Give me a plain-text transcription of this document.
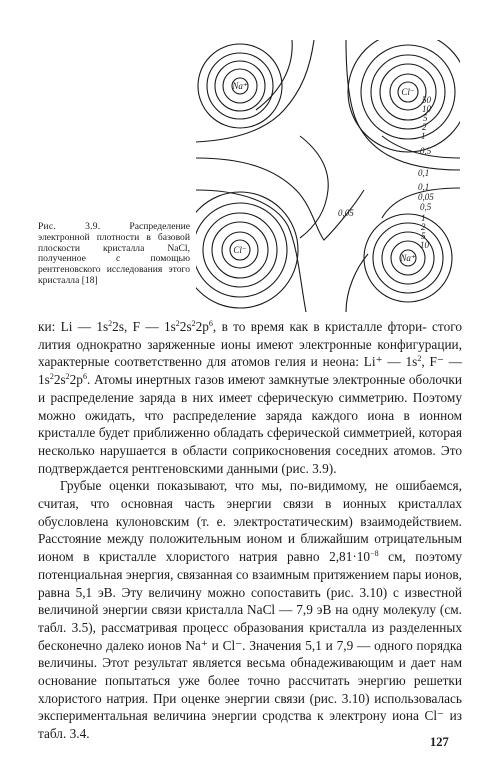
Na⁺
Cl⁻
Cl⁻
Na⁺
50
10
5
2
1
0,5
0,1
0,1
0,05
0,5
1
2
5
10
0,05
Рис. 3.9.	Распределение электронной плотности в базовой плоскости кристалла NaCl, полученное с помощью рентгеновского исследования этого кристалла [18]

ки: Li — $1s^22s$, F — $1s^22s^22p^6$, в то время как в кристалле фтори- стого лития однократно заряженные ионы имеют электронные конфигурации, характерные соответственно для атомов гелия и неона: Li⁺ — $1s^2$, F⁻ — $1s^22s^22p^6$. Атомы инертных газов имеют замкнутые электронные оболочки и распределение заряда в них имеет сферическую симметрию. Поэтому можно ожидать, что распределение заряда каждого иона в ионном кристалле будет приближенно обладать сферической симметрией, которая несколько нарушается в области соприкосновения соседних атомов. Это подтверждается рентгеновскими данными (рис. 3.9).

Грубые оценки показывают, что мы, по-видимому, не ошибаемся, считая, что основная часть энергии связи в ионных кристаллах обусловлена кулоновским (т. е. электростатическим) взаимодействием. Расстояние между положительным ионом и ближайшим отрицательным ионом в кристалле хлористого натрия равно $2,81\cdot 10^{-8}$ см, поэтому потенциальная энергия, связанная со взаимным притяжением пары ионов, равна 5,1 эВ. Эту величину можно сопоставить (рис. 3.10) с известной величиной энергии связи кристалла NaCl — 7,9 эВ на одну молекулу (см. табл. 3.5), рассматривая процесс образования кристалла из разделенных бесконечно далеко ионов Na⁺ и Cl⁻. Значения 5,1 и 7,9 — одного порядка величины. Этот результат является весьма обнадеживающим и дает нам основание попытаться уже более точно рассчитать энергию решетки хлористого натрия. При оценке энергии связи (рис. 3.10) использовалась экспериментальная величина энергии сродства к электрону иона Cl⁻ из табл. 3.4.

127
